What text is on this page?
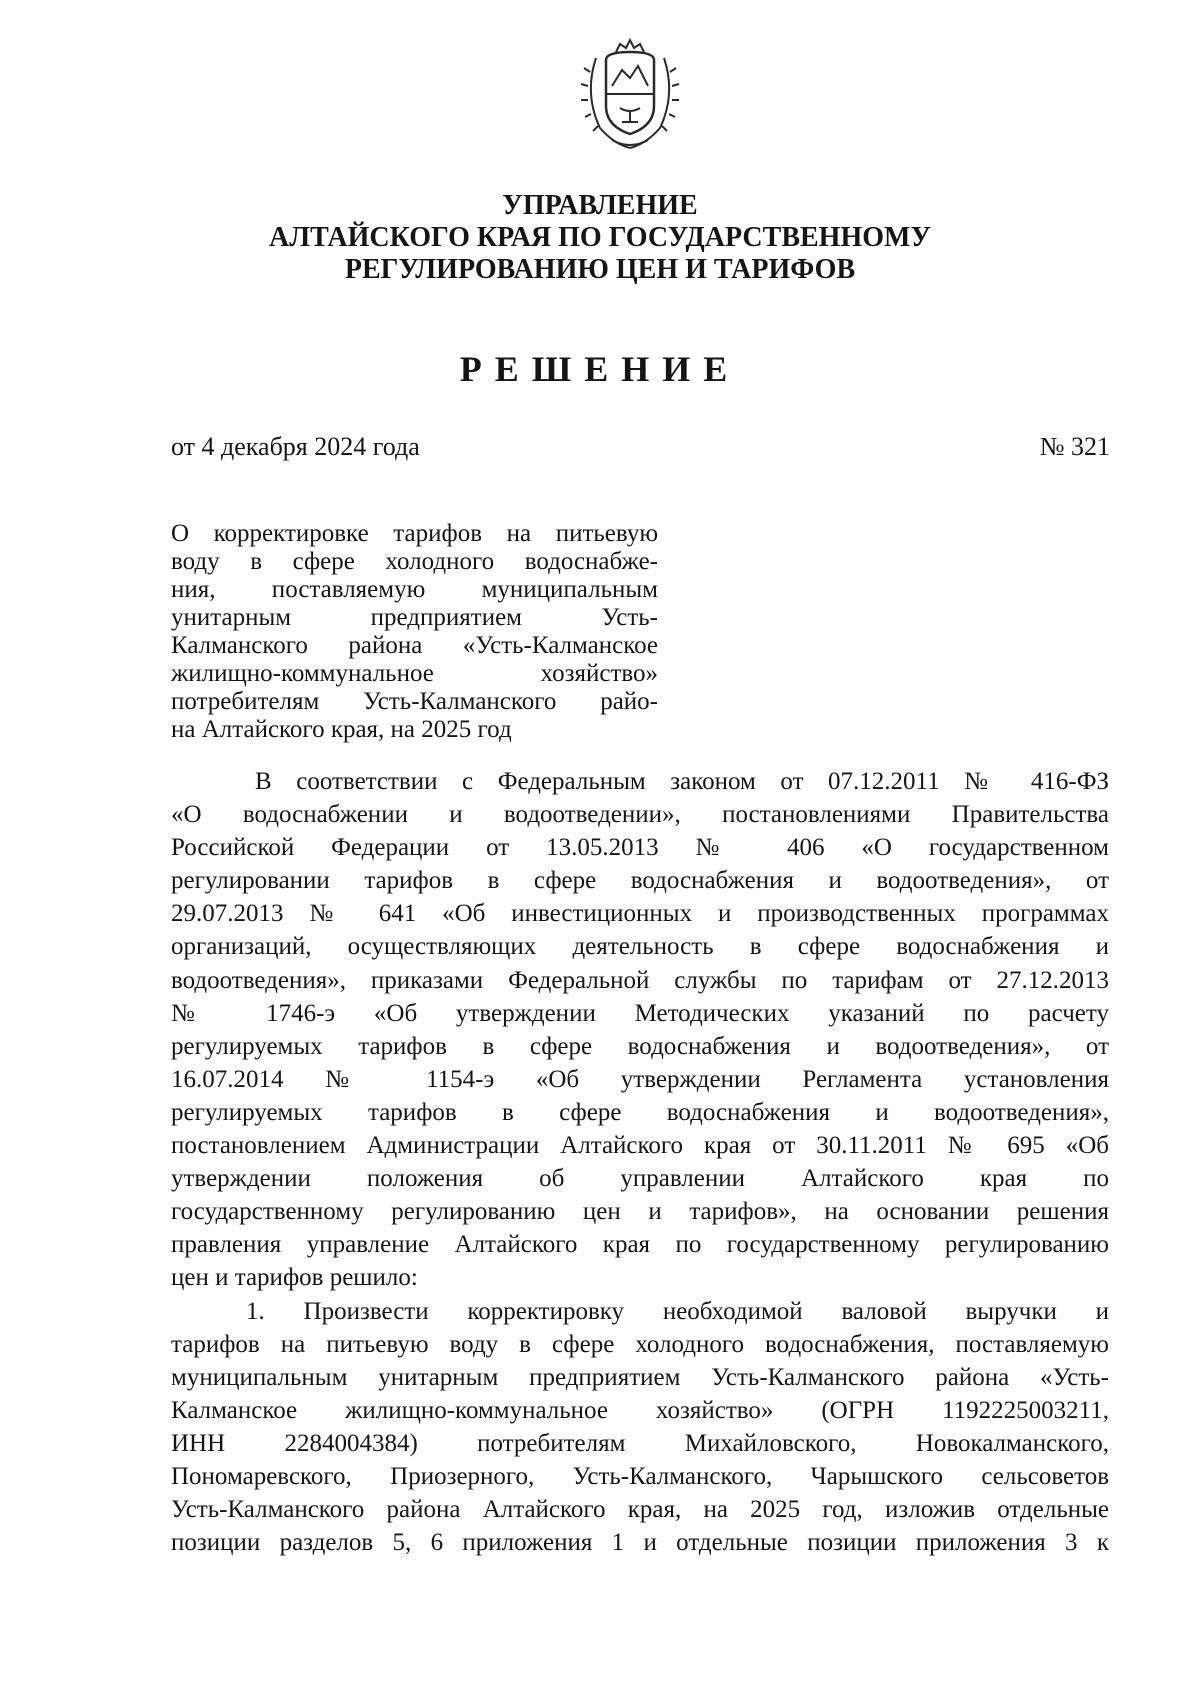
УПРАВЛЕНИЕ
АЛТАЙСКОГО КРАЯ ПО ГОСУДАРСТВЕННОМУ
РЕГУЛИРОВАНИЮ ЦЕН И ТАРИФОВ
РЕШЕНИЕ
от 4 декабря 2024 года	№ 321
О корректировке тарифов на питьевую
воду в сфере холодного водоснабже-
ния, поставляемую муниципальным
унитарным предприятием Усть-
Калманского района «Усть-Калманское
жилищно-коммунальное хозяйство»
потребителям Усть-Калманского райо-
на Алтайского края, на 2025 год
В соответствии с Федеральным законом от 07.12.2011 № 416-ФЗ
«О водоснабжении и водоотведении», постановлениями Правительства
Российской Федерации от 13.05.2013 № 406 «О государственном
регулировании тарифов в сфере водоснабжения и водоотведения», от
29.07.2013 № 641 «Об инвестиционных и производственных программах
организаций, осуществляющих деятельность в сфере водоснабжения и
водоотведения», приказами Федеральной службы по тарифам от 27.12.2013
№ 1746-э «Об утверждении Методических указаний по расчету
регулируемых тарифов в сфере водоснабжения и водоотведения», от
16.07.2014 № 1154-э «Об утверждении Регламента установления
регулируемых тарифов в сфере водоснабжения и водоотведения»,
постановлением Администрации Алтайского края от 30.11.2011 № 695 «Об
утверждении положения об управлении Алтайского края по
государственному регулированию цен и тарифов», на основании решения
правления управление Алтайского края по государственному регулированию
цен и тарифов решило:
1. Произвести корректировку необходимой валовой выручки и
тарифов на питьевую воду в сфере холодного водоснабжения, поставляемую
муниципальным унитарным предприятием Усть-Калманского района «Усть-
Калманское жилищно-коммунальное хозяйство» (ОГРН 1192225003211,
ИНН 2284004384) потребителям Михайловского, Новокалманского,
Пономаревского, Приозерного, Усть-Калманского, Чарышского сельсоветов
Усть-Калманского района Алтайского края, на 2025 год, изложив отдельные
позиции разделов 5, 6 приложения 1 и отдельные позиции приложения 3 к
